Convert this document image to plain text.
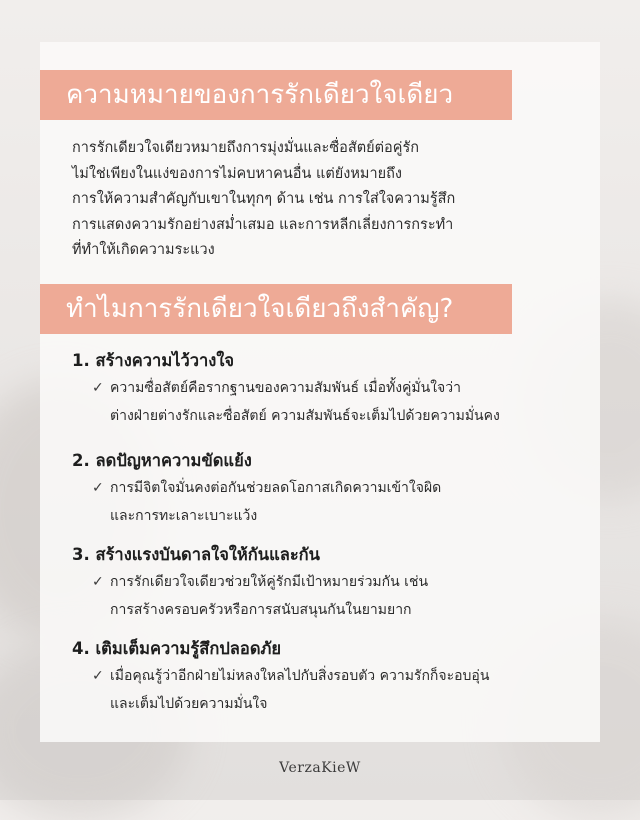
ความหมายของการรักเดียวใจเดียว
การรักเดียวใจเดียวหมายถึงการมุ่งมั่นและซื่อสัตย์ต่อคู่รัก
ไม่ใช่เพียงในแง่ของการไม่คบหาคนอื่น แต่ยังหมายถึง
การให้ความสำคัญกับเขาในทุกๆ ด้าน เช่น การใส่ใจความรู้สึก
การแสดงความรักอย่างสม่ำเสมอ และการหลีกเลี่ยงการกระทำ
ที่ทำให้เกิดความระแวง
ทำไมการรักเดียวใจเดียวถึงสำคัญ?
1. สร้างความไว้วางใจ
✓ ความซื่อสัตย์คือรากฐานของความสัมพันธ์ เมื่อทั้งคู่มั่นใจว่า
ต่างฝ่ายต่างรักและซื่อสัตย์ ความสัมพันธ์จะเต็มไปด้วยความมั่นคง
2. ลดปัญหาความขัดแย้ง
✓ การมีจิตใจมั่นคงต่อกันช่วยลดโอกาสเกิดความเข้าใจผิด
และการทะเลาะเบาะแว้ง
3. สร้างแรงบันดาลใจให้กันและกัน
✓ การรักเดียวใจเดียวช่วยให้คู่รักมีเป้าหมายร่วมกัน เช่น
การสร้างครอบครัวหรือการสนับสนุนกันในยามยาก
4. เติมเต็มความรู้สึกปลอดภัย
✓ เมื่อคุณรู้ว่าอีกฝ่ายไม่หลงใหลไปกับสิ่งรอบตัว ความรักก็จะอบอุ่น
และเต็มไปด้วยความมั่นใจ
VerzaKieW
